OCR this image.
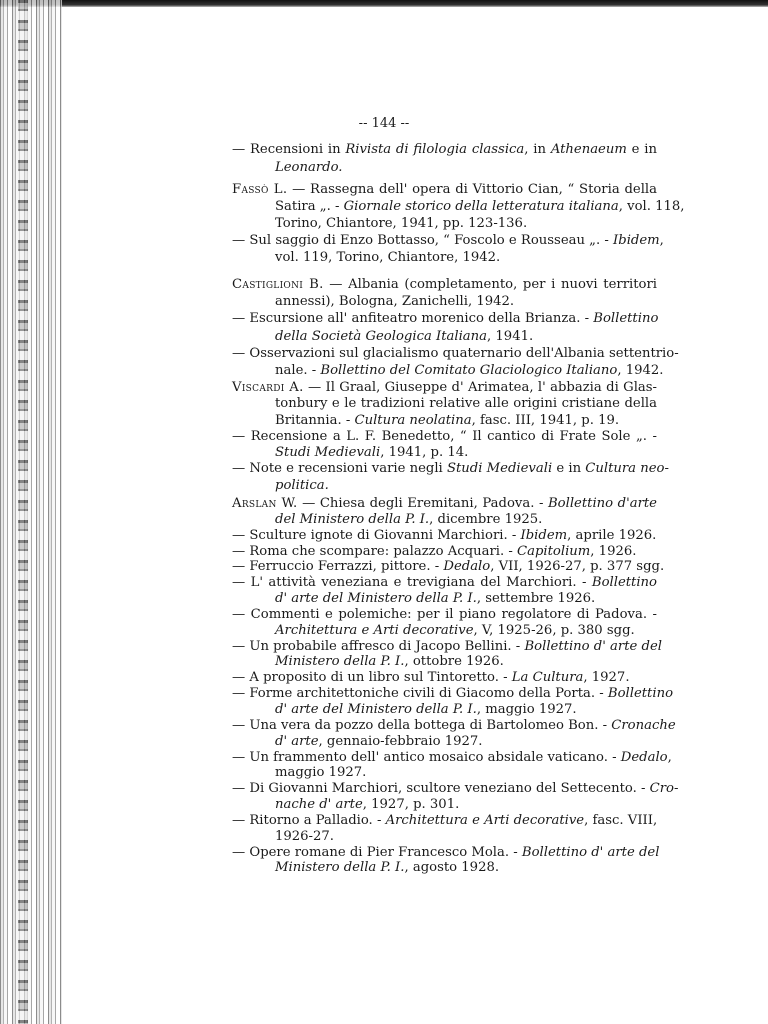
-- 144 --
— Recensioni in Rivista di filologia classica, in Athenaeum e in
Leonardo.
Fassò L. — Rassegna dell' opera di Vittorio Cian, “ Storia della
Satira „. - Giornale storico della letteratura italiana, vol. 118,
Torino, Chiantore, 1941, pp. 123-136.
— Sul saggio di Enzo Bottasso, “ Foscolo e Rousseau „. - Ibidem,
vol. 119, Torino, Chiantore, 1942.
Castiglioni B. — Albania (completamento, per i nuovi territori
annessi), Bologna, Zanichelli, 1942.
— Escursione all' anfiteatro morenico della Brianza. - Bollettino
della Società Geologica Italiana, 1941.
— Osservazioni sul glacialismo quaternario dell'Albania settentrio-
nale. - Bollettino del Comitato Glaciologico Italiano, 1942.
Viscardi A. — Il Graal, Giuseppe d' Arimatea, l' abbazia di Glas-
tonbury e le tradizioni relative alle origini cristiane della
Britannia. - Cultura neolatina, fasc. III, 1941, p. 19.
— Recensione a L. F. Benedetto, “ Il cantico di Frate Sole „. -
Studi Medievali, 1941, p. 14.
— Note e recensioni varie negli Studi Medievali e in Cultura neo-
politica.
Arslan W. — Chiesa degli Eremitani, Padova. - Bollettino d'arte
del Ministero della P. I., dicembre 1925.
— Sculture ignote di Giovanni Marchiori. - Ibidem, aprile 1926.
— Roma che scompare: palazzo Acquari. - Capitolium, 1926.
— Ferruccio Ferrazzi, pittore. - Dedalo, VII, 1926-27, p. 377 sgg.
— L' attività veneziana e trevigiana del Marchiori. - Bollettino
d' arte del Ministero della P. I., settembre 1926.
— Commenti e polemiche: per il piano regolatore di Padova. -
Architettura e Arti decorative, V, 1925-26, p. 380 sgg.
— Un probabile affresco di Jacopo Bellini. - Bollettino d' arte del
Ministero della P. I., ottobre 1926.
— A proposito di un libro sul Tintoretto. - La Cultura, 1927.
— Forme architettoniche civili di Giacomo della Porta. - Bollettino
d' arte del Ministero della P. I., maggio 1927.
— Una vera da pozzo della bottega di Bartolomeo Bon. - Cronache
d' arte, gennaio-febbraio 1927.
— Un frammento dell' antico mosaico absidale vaticano. - Dedalo,
maggio 1927.
— Di Giovanni Marchiori, scultore veneziano del Settecento. - Cro-
nache d' arte, 1927, p. 301.
— Ritorno a Palladio. - Architettura e Arti decorative, fasc. VIII,
1926-27.
— Opere romane di Pier Francesco Mola. - Bollettino d' arte del
Ministero della P. I., agosto 1928.
